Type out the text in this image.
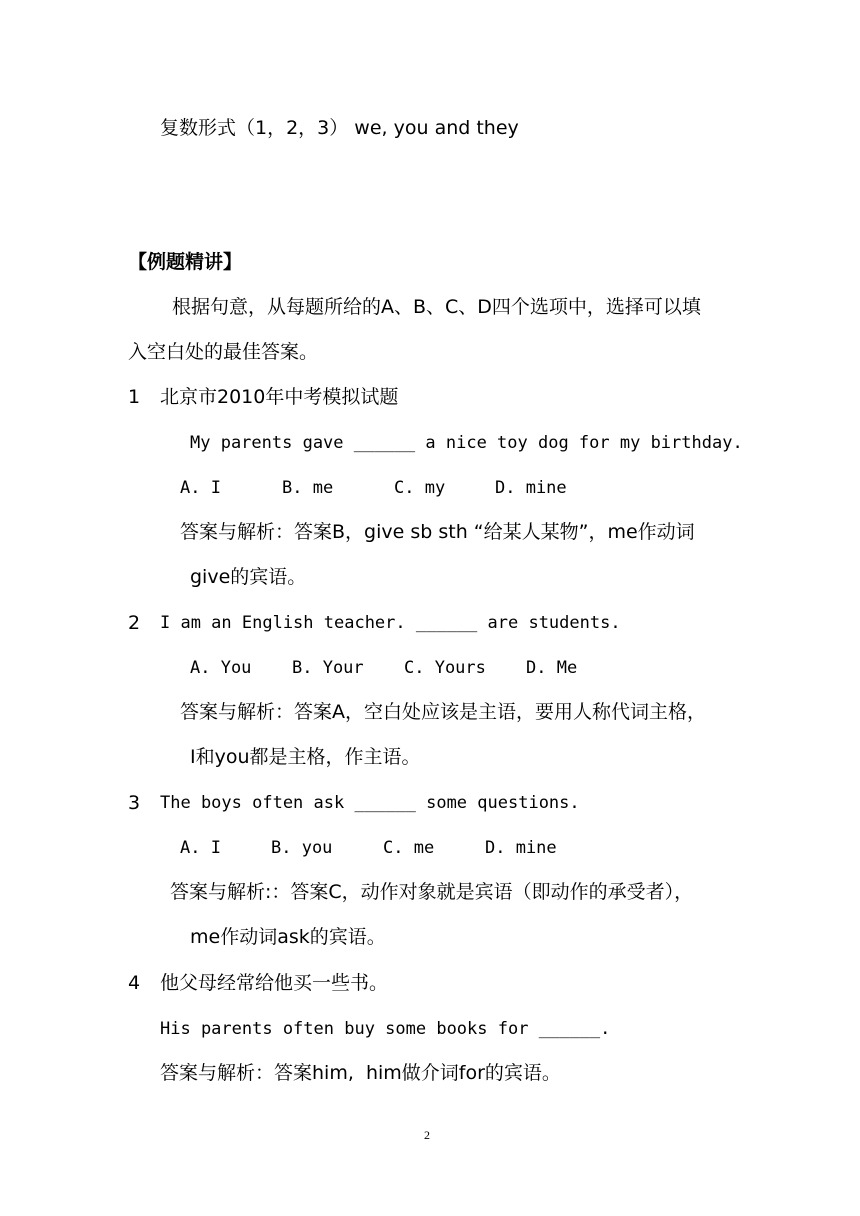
复数形式（1，2，3） we, you and they
【例题精讲】
根据句意，从每题所给的A、B、C、D四个选项中，选择可以填
入空白处的最佳答案。
1 北京市2010年中考模拟试题
My parents gave ______ a nice toy dog for my birthday.
A. I	B. me	C. my	D. mine
答案与解析：答案B，give sb sth “给某人某物”，me作动词
give的宾语。
2 I am an English teacher. ______ are students.
A. You B. Your C. Yours D. Me
答案与解析：答案A，空白处应该是主语，要用人称代词主格，
I和you都是主格，作主语。
3 The boys often ask ______ some questions.
A. I	B. you	C. me	D. mine
答案与解析:：答案C，动作对象就是宾语（即动作的承受者），
me作动词ask的宾语。
4 他父母经常给他买一些书。
His parents often buy some books for ______.
答案与解析：答案him,  him做介词for的宾语。
2
